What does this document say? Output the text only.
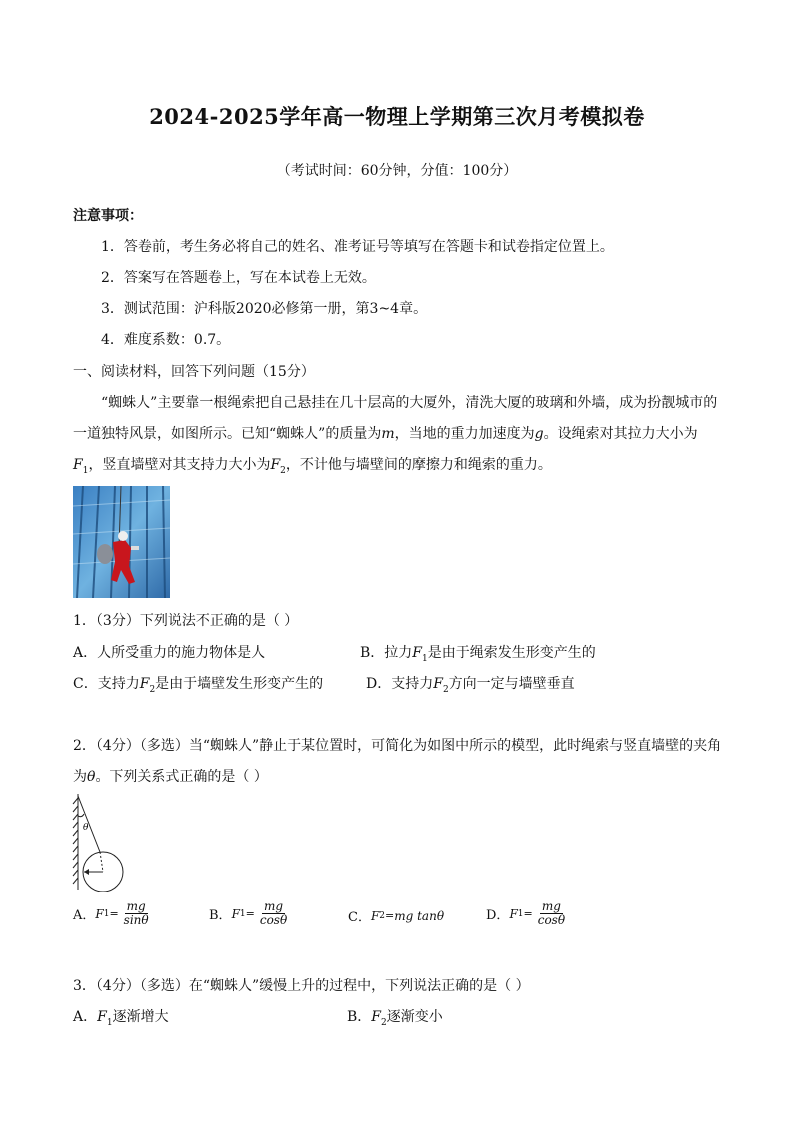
2024-2025学年高一物理上学期第三次月考模拟卷
（考试时间：60分钟，分值：100分）
注意事项：
1．答卷前，考生务必将自己的姓名、准考证号等填写在答题卡和试卷指定位置上。
2．答案写在答题卷上，写在本试卷上无效。
3．测试范围：沪科版2020必修第一册，第3~4章。
4．难度系数：0.7。
一、阅读材料，回答下列问题（15分）
“蜘蛛人”主要靠一根绳索把自己悬挂在几十层高的大厦外，清洗大厦的玻璃和外墙，成为扮靓城市的
一道独特风景，如图所示。已知“蜘蛛人”的质量为m，当地的重力加速度为g。设绳索对其拉力大小为
$F_1$，竖直墙壁对其支持力大小为$F_2$，不计他与墙壁间的摩擦力和绳索的重力。
1．（3分）下列说法不正确的是（ ）
A．人所受重力的施力物体是人	B．拉力$F_1$是由于绳索发生形变产生的
C．支持力$F_2$是由于墙壁发生形变产生的	D．支持力$F_2$方向一定与墙壁垂直
2．（4分）（多选）当“蜘蛛人”静止于某位置时，可简化为如图中所示的模型，此时绳索与竖直墙壁的夹角
为θ。下列关系式正确的是（ ）
θ
A． F $1 = \frac{mg}{\sin\theta}$	B． F $1 = \frac{mg}{\cos\theta}$	C． F 2 = mg tanθ	D． F $1 = \frac{mg}{\cos\theta}$
3．（4分）（多选）在“蜘蛛人”缓慢上升的过程中，下列说法正确的是（ ）
A．$F_1$逐渐增大	B．$F_2$逐渐变小
